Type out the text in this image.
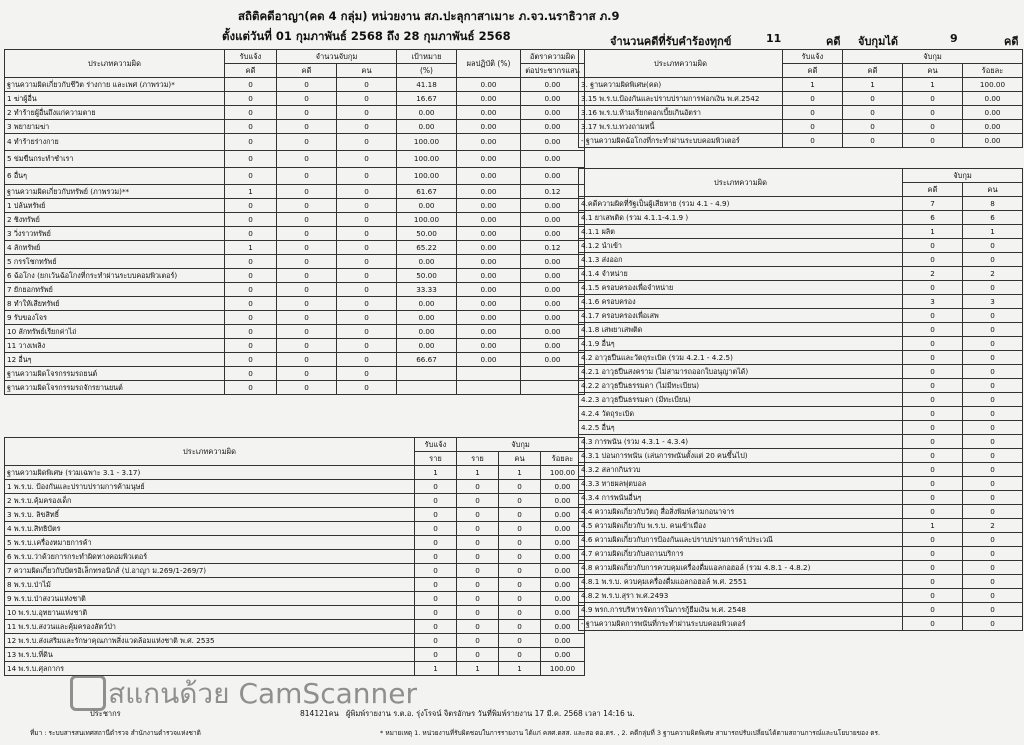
สถิติคดีอาญา(คด 4 กลุ่ม) หน่วยงาน สภ.ปะลุกาสาเมาะ ภ.จว.นราธิวาส ภ.9
ตั้งแต่วันที่ 01 กุมภาพันธ์ 2568 ถึง 28 กุมภาพันธ์ 2568	จำนวนคดีที่รับคำร้องทุกข์	11	คดี จับกุมได้	9	คดี
ประเภทความผิด	รับแจ้ง	จำนวนจับกุม		เป้าหมาย	ผลปฏิบัติ (%)	อัตราความผิด
	คดี	คดี	คน	(%)		ต่อประชากรแสน
ฐานความผิดเกี่ยวกับชีวิต ร่างกาย และเพศ (ภาพรวม)*	0	0	0	41.18	0.00	0.00
1 ฆ่าผู้อื่น	0	0	0	16.67	0.00	0.00
2 ทำร้ายผู้อื่นถึงแก่ความตาย	0	0	0	0.00	0.00	0.00
3 พยายามฆ่า	0	0	0	0.00	0.00	0.00
4 ทำร้ายร่างกาย	0	0	0	100.00	0.00	0.00
5 ข่มขืนกระทำชำเรา	0	0	0	100.00	0.00	0.00
6 อื่นๆ	0	0	0	100.00	0.00	0.00
ฐานความผิดเกี่ยวกับทรัพย์ (ภาพรวม)**	1	0	0	61.67	0.00	0.12
1 ปล้นทรัพย์	0	0	0	0.00	0.00	0.00
2 ชิงทรัพย์	0	0	0	100.00	0.00	0.00
3 วิ่งราวทรัพย์	0	0	0	50.00	0.00	0.00
4 ลักทรัพย์	1	0	0	65.22	0.00	0.12
5 กรรโชกทรัพย์	0	0	0	0.00	0.00	0.00
6 ฉ้อโกง (ยกเว้นฉ้อโกงที่กระทำผ่านระบบคอมพิวเตอร์)	0	0	0	50.00	0.00	0.00
7 ยักยอกทรัพย์	0	0	0	33.33	0.00	0.00
8 ทำให้เสียทรัพย์	0	0	0	0.00	0.00	0.00
9 รับของโจร	0	0	0	0.00	0.00	0.00
10 ลักทรัพย์เรียกค่าไถ่	0	0	0	0.00	0.00	0.00
11 วางเพลิง	0	0	0	0.00	0.00	0.00
12 อื่นๆ	0	0	0	66.67	0.00	0.00
ฐานความผิดโจรกรรมรถยนต์	0	0	0			
ฐานความผิดโจรกรรมรถจักรยานยนต์	0	0	0			
ประเภทความผิด	รับแจ้ง	จับกุม		
	ราย	ราย	คน	ร้อยละ
ฐานความผิดพิเศษ (รวมเฉพาะ 3.1 - 3.17)	1	1	1	100.00
1 พ.ร.บ. ป้องกันและปราบปรามการค้ามนุษย์	0	0	0	0.00
2 พ.ร.บ.คุ้มครองเด็ก	0	0	0	0.00
3 พ.ร.บ. ลิขสิทธิ์	0	0	0	0.00
4 พ.ร.บ.สิทธิบัตร	0	0	0	0.00
5 พ.ร.บ.เครื่องหมายการค้า	0	0	0	0.00
6 พ.ร.บ.ว่าด้วยการกระทำผิดทางคอมพิวเตอร์	0	0	0	0.00
7 ความผิดเกี่ยวกับบัตรอิเล็กทรอนิกส์ (ป.อาญา ม.269/1-269/7)	0	0	0	0.00
8 พ.ร.บ.ป่าไม้	0	0	0	0.00
9 พ.ร.บ.ป่าสงวนแห่งชาติ	0	0	0	0.00
10 พ.ร.บ.อุทยานแห่งชาติ	0	0	0	0.00
11 พ.ร.บ.สงวนและคุ้มครองสัตว์ป่า	0	0	0	0.00
12 พ.ร.บ.ส่งเสริมและรักษาคุณภาพสิ่งแวดล้อมแห่งชาติ พ.ศ. 2535	0	0	0	0.00
13 พ.ร.บ.ที่ดิน	0	0	0	0.00
14 พ.ร.บ.ศุลกากร	1	1	1	100.00
ประเภทความผิด	รับแจ้ง	จับกุม		
	คดี	คดี	คน	ร้อยละ
3. ฐานความผิดพิเศษ(คด)	1	1	1	100.00
3.15 พ.ร.บ.ป้องกันและปราบปรามการฟอกเงิน พ.ศ.2542	0	0	0	0.00
3.16 พ.ร.บ.ห้ามเรียกดอกเบี้ยเกินอัตรา	0	0	0	0.00
3.17 พ.ร.บ.ทวงถามหนี้	0	0	0	0.00
- ฐานความผิดฉ้อโกงที่กระทำผ่านระบบคอมพิวเตอร์	0	0	0	0.00
ประเภทความผิด	จับกุม	
	คดี	คน
4.คดีความผิดที่รัฐเป็นผู้เสียหาย (รวม 4.1 - 4.9)	7	8
4.1 ยาเสพติด (รวม 4.1.1-4.1.9 )	6	6
4.1.1 ผลิต	1	1
4.1.2 นำเข้า	0	0
4.1.3 ส่งออก	0	0
4.1.4 จำหน่าย	2	2
4.1.5 ครอบครองเพื่อจำหน่าย	0	0
4.1.6 ครอบครอง	3	3
4.1.7 ครอบครองเพื่อเสพ	0	0
4.1.8 เสพยาเสพติด	0	0
4.1.9 อื่นๆ	0	0
4.2 อาวุธปืนและวัตถุระเบิด (รวม 4.2.1 - 4.2.5)	0	0
4.2.1 อาวุธปืนสงคราม (ไม่สามารถออกใบอนุญาตได้)	0	0
4.2.2 อาวุธปืนธรรมดา (ไม่มีทะเบียน)	0	0
4.2.3 อาวุธปืนธรรมดา (มีทะเบียน)	0	0
4.2.4 วัตถุระเบิด	0	0
4.2.5 อื่นๆ	0	0
4.3 การพนัน (รวม 4.3.1 - 4.3.4)	0	0
4.3.1 บ่อนการพนัน (เล่นการพนันตั้งแต่ 20 คนขึ้นไป)	0	0
4.3.2 สลากกินรวบ	0	0
4.3.3 ทายผลฟุตบอล	0	0
4.3.4 การพนันอื่นๆ	0	0
4.4 ความผิดเกี่ยวกับวัตถุ สื่อสิ่งพิมพ์ลามกอนาจาร	0	0
4.5 ความผิดเกี่ยวกับ พ.ร.บ. คนเข้าเมือง	1	2
4.6 ความผิดเกี่ยวกับการป้องกันและปราบปรามการค้าประเวณี	0	0
4.7 ความผิดเกี่ยวกับสถานบริการ	0	0
4.8 ความผิดเกี่ยวกับการควบคุมเครื่องดื่มแอลกอฮอล์ (รวม 4.8.1 - 4.8.2)	0	0
4.8.1 พ.ร.บ. ควบคุมเครื่องดื่มแอลกอฮอล์ พ.ศ. 2551	0	0
4.8.2 พ.ร.บ.สุรา พ.ศ.2493	0	0
4.9 พรก.การบริหารจัดการในการกู้ยืมเงิน พ.ศ. 2548	0	0
- ฐานความผิดการพนันที่กระทำผ่านระบบคอมพิวเตอร์	0	0
ประชากร	814121คน ผู้พิมพ์รายงาน ร.ต.อ. รุ่งโรจน์ จิตรอักษร วันที่พิมพ์รายงาน 17 มี.ค. 2568 เวลา 14:16 น.
ที่มา : ระบบสารสนเทศสถานีตำรวจ สำนักงานตำรวจแห่งชาติ	* หมายเหตุ 1. หน่วยงานที่รับผิดชอบในการรายงาน ได้แก่ คสศ.ตสส. และสอ ตอ.ตร. , 2. คดีกลุ่มที่ 3 ฐานความผิดพิเศษ สามารถปรับเปลี่ยนได้ตามสถานการณ์และนโยบายของ ตร.
สแกนด้วย CamScanner
